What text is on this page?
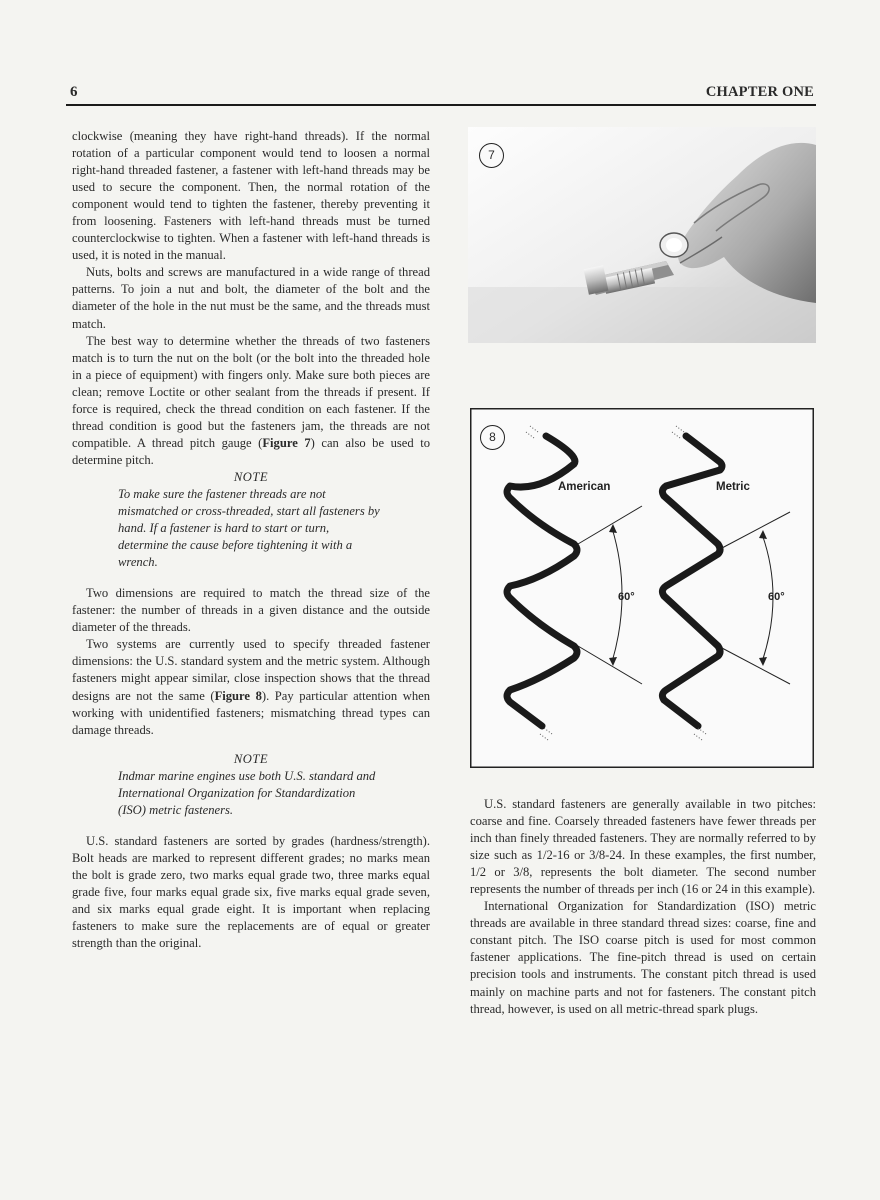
6	CHAPTER ONE

clockwise (meaning they have right-hand threads). If the normal rotation of a particular component would tend to loosen a normal right-hand threaded fastener, a fastener with left-hand threads may be used to secure the component. Then, the normal rotation of the component would tend to tighten the fastener, thereby preventing it from loosening. Fasteners with left-hand threads must be turned counterclockwise to tighten. When a fastener with left-hand threads is used, it is noted in the manual.

Nuts, bolts and screws are manufactured in a wide range of thread patterns. To join a nut and bolt, the diameter of the bolt and the diameter of the hole in the nut must be the same, and the threads must match.

The best way to determine whether the threads of two fasteners match is to turn the nut on the bolt (or the bolt into the threaded hole in a piece of equipment) with fingers only. Make sure both pieces are clean; remove Loctite or other sealant from the threads if present. If force is required, check the thread condition on each fastener. If the thread condition is good but the fasteners jam, the threads are not compatible. A thread pitch gauge (Figure 7) can also be used to determine pitch.

NOTE

To make sure the fastener threads are not mismatched or cross-threaded, start all fasteners by hand. If a fastener is hard to start or turn, determine the cause before tightening it with a wrench.

Two dimensions are required to match the thread size of the fastener: the number of threads in a given distance and the outside diameter of the threads.

Two systems are currently used to specify threaded fastener dimensions: the U.S. standard system and the metric system. Although fasteners might appear similar, close inspection shows that the thread designs are not the same (Figure 8). Pay particular attention when working with unidentified fasteners; mismatching thread types can damage threads.

NOTE

Indmar marine engines use both U.S. standard and International Organization for Standardization (ISO) metric fasteners.

U.S. standard fasteners are sorted by grades (hardness/strength). Bolt heads are marked to represent different grades; no marks mean the bolt is grade zero, two marks equal grade two, three marks equal grade five, four marks equal grade six, five marks equal grade seven, and six marks equal grade eight. It is important when replacing fasteners to make sure the replacements are of equal or greater strength than the original.

7
American	Metric
60°	60°
8

U.S. standard fasteners are generally available in two pitches: coarse and fine. Coarsely threaded fasteners have fewer threads per inch than finely threaded fasteners. They are normally referred to by size such as 1/2-16 or 3/8-24. In these examples, the first number, 1/2 or 3/8, represents the bolt diameter. The second number represents the number of threads per inch (16 or 24 in this example).

International Organization for Standardization (ISO) metric threads are available in three standard thread sizes: coarse, fine and constant pitch. The ISO coarse pitch is used for most common fastener applications. The fine-pitch thread is used on certain precision tools and instruments. The constant pitch thread is used mainly on machine parts and not for fasteners. The constant pitch thread, however, is used on all metric-thread spark plugs.
